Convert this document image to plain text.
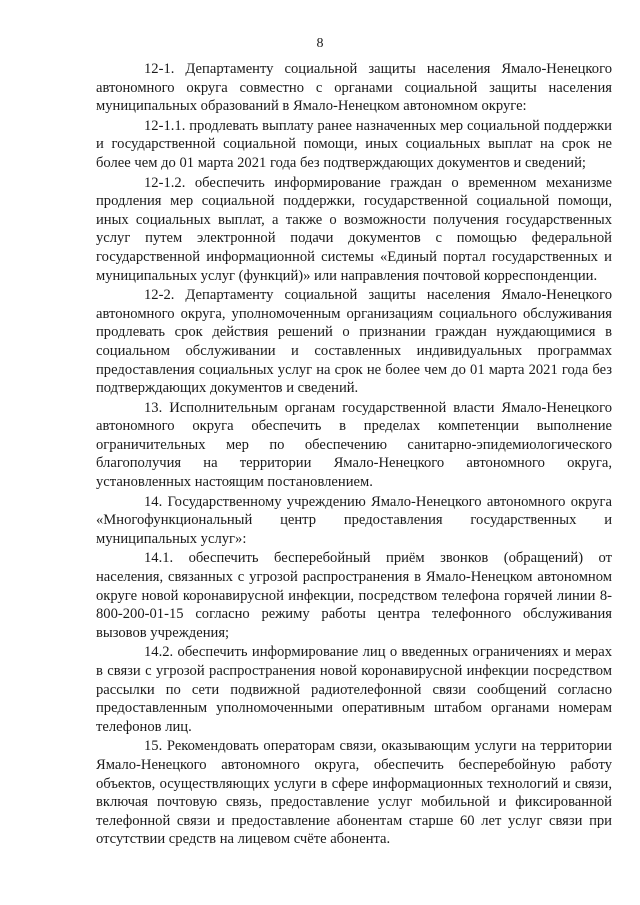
8

12-1. Департаменту социальной защиты населения Ямало-Ненецкого автономного округа совместно с органами социальной защиты населения муниципальных образований в Ямало-Ненецком автономном округе:

12-1.1. продлевать выплату ранее назначенных мер социальной поддержки и государственной социальной помощи, иных социальных выплат на срок не более чем до 01 марта 2021 года без подтверждающих документов и сведений;

12-1.2. обеспечить информирование граждан о временном механизме продления мер социальной поддержки, государственной социальной помощи, иных социальных выплат, а также о возможности получения государственных услуг путем электронной подачи документов с помощью федеральной государственной информационной системы «Единый портал государственных и муниципальных услуг (функций)» или направления почтовой корреспонденции.

12-2. Департаменту социальной защиты населения Ямало-Ненецкого автономного округа, уполномоченным организациям социального обслуживания продлевать срок действия решений о признании граждан нуждающимися в социальном обслуживании и составленных индивидуальных программах предоставления социальных услуг на срок не более чем до 01 марта 2021 года без подтверждающих документов и сведений.

13. Исполнительным органам государственной власти Ямало-Ненецкого автономного округа обеспечить в пределах компетенции выполнение ограничительных мер по обеспечению санитарно-эпидемиологического благополучия на территории Ямало-Ненецкого автономного округа, установленных настоящим постановлением.

14. Государственному учреждению Ямало-Ненецкого автономного округа «Многофункциональный центр предоставления государственных и муниципальных услуг»:

14.1. обеспечить бесперебойный приём звонков (обращений) от населения, связанных с угрозой распространения в Ямало-Ненецком автономном округе новой коронавирусной инфекции, посредством телефона горячей линии 8-800-200-01-15 согласно режиму работы центра телефонного обслуживания вызовов учреждения;

14.2. обеспечить информирование лиц о введенных ограничениях и мерах в связи с угрозой распространения новой коронавирусной инфекции посредством рассылки по сети подвижной радиотелефонной связи сообщений согласно предоставленным уполномоченными оперативным штабом органами номерам телефонов лиц.

15. Рекомендовать операторам связи, оказывающим услуги на территории Ямало-Ненецкого автономного округа, обеспечить бесперебойную работу объектов, осуществляющих услуги в сфере информационных технологий и связи, включая почтовую связь, предоставление услуг мобильной и фиксированной телефонной связи и предоставление абонентам старше 60 лет услуг связи при отсутствии средств на лицевом счёте абонента.
